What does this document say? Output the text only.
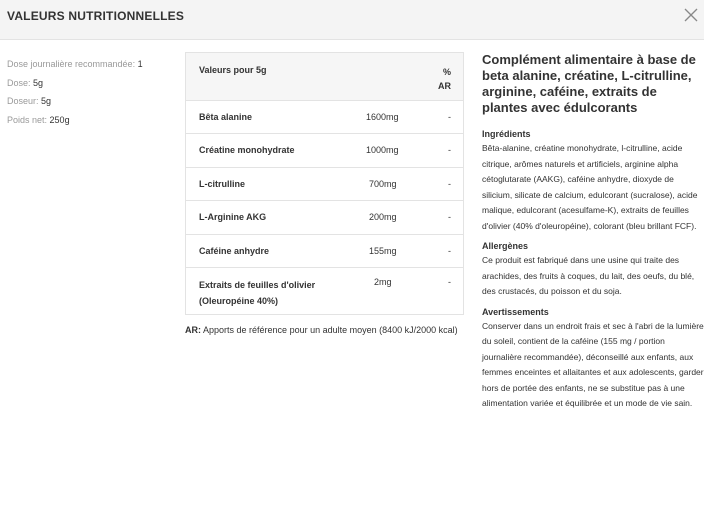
VALEURS NUTRITIONNELLES
Dose journalière recommandée: 1
Dose: 5g
Doseur: 5g
Poids net: 250g
Valeurs pour 5g	%
AR
Bêta alanine	1600mg	-
Créatine monohydrate	1000mg	-
L-citrulline	700mg	-
L-Arginine AKG	200mg	-
Caféine anhydre	155mg	-
Extraits de feuilles d'olivier
(Oleuropéine 40%)
2mg	-
AR: Apports de référence pour un adulte moyen (8400 kJ/2000 kcal)

Complément alimentaire à base de beta alanine, créatine, L-citrulline, arginine, caféine, extraits de plantes avec édulcorants

Ingrédients

Bêta-alanine, créatine monohydrate, l-citrulline, acide citrique, arômes naturels et artificiels, arginine alpha cétoglutarate (AAKG), caféine anhydre, dioxyde de silicium, silicate de calcium, edulcorant (sucralose), acide malique, edulcorant (acesulfame-K), extraits de feuilles d'olivier (40% d'oleuropéine), colorant (bleu brillant FCF).

Allergènes

Ce produit est fabriqué dans une usine qui traite des arachides, des fruits à coques, du lait, des oeufs, du blé, des crustacés, du poisson et du soja.

Avertissements

Conserver dans un endroit frais et sec à l'abri de la lumière du soleil, contient de la caféine (155 mg / portion journalière recommandée), déconseillé aux enfants, aux femmes enceintes et allaitantes et aux adolescents, garder hors de portée des enfants, ne se substitue pas à une alimentation variée et équilibrée et un mode de vie sain.
